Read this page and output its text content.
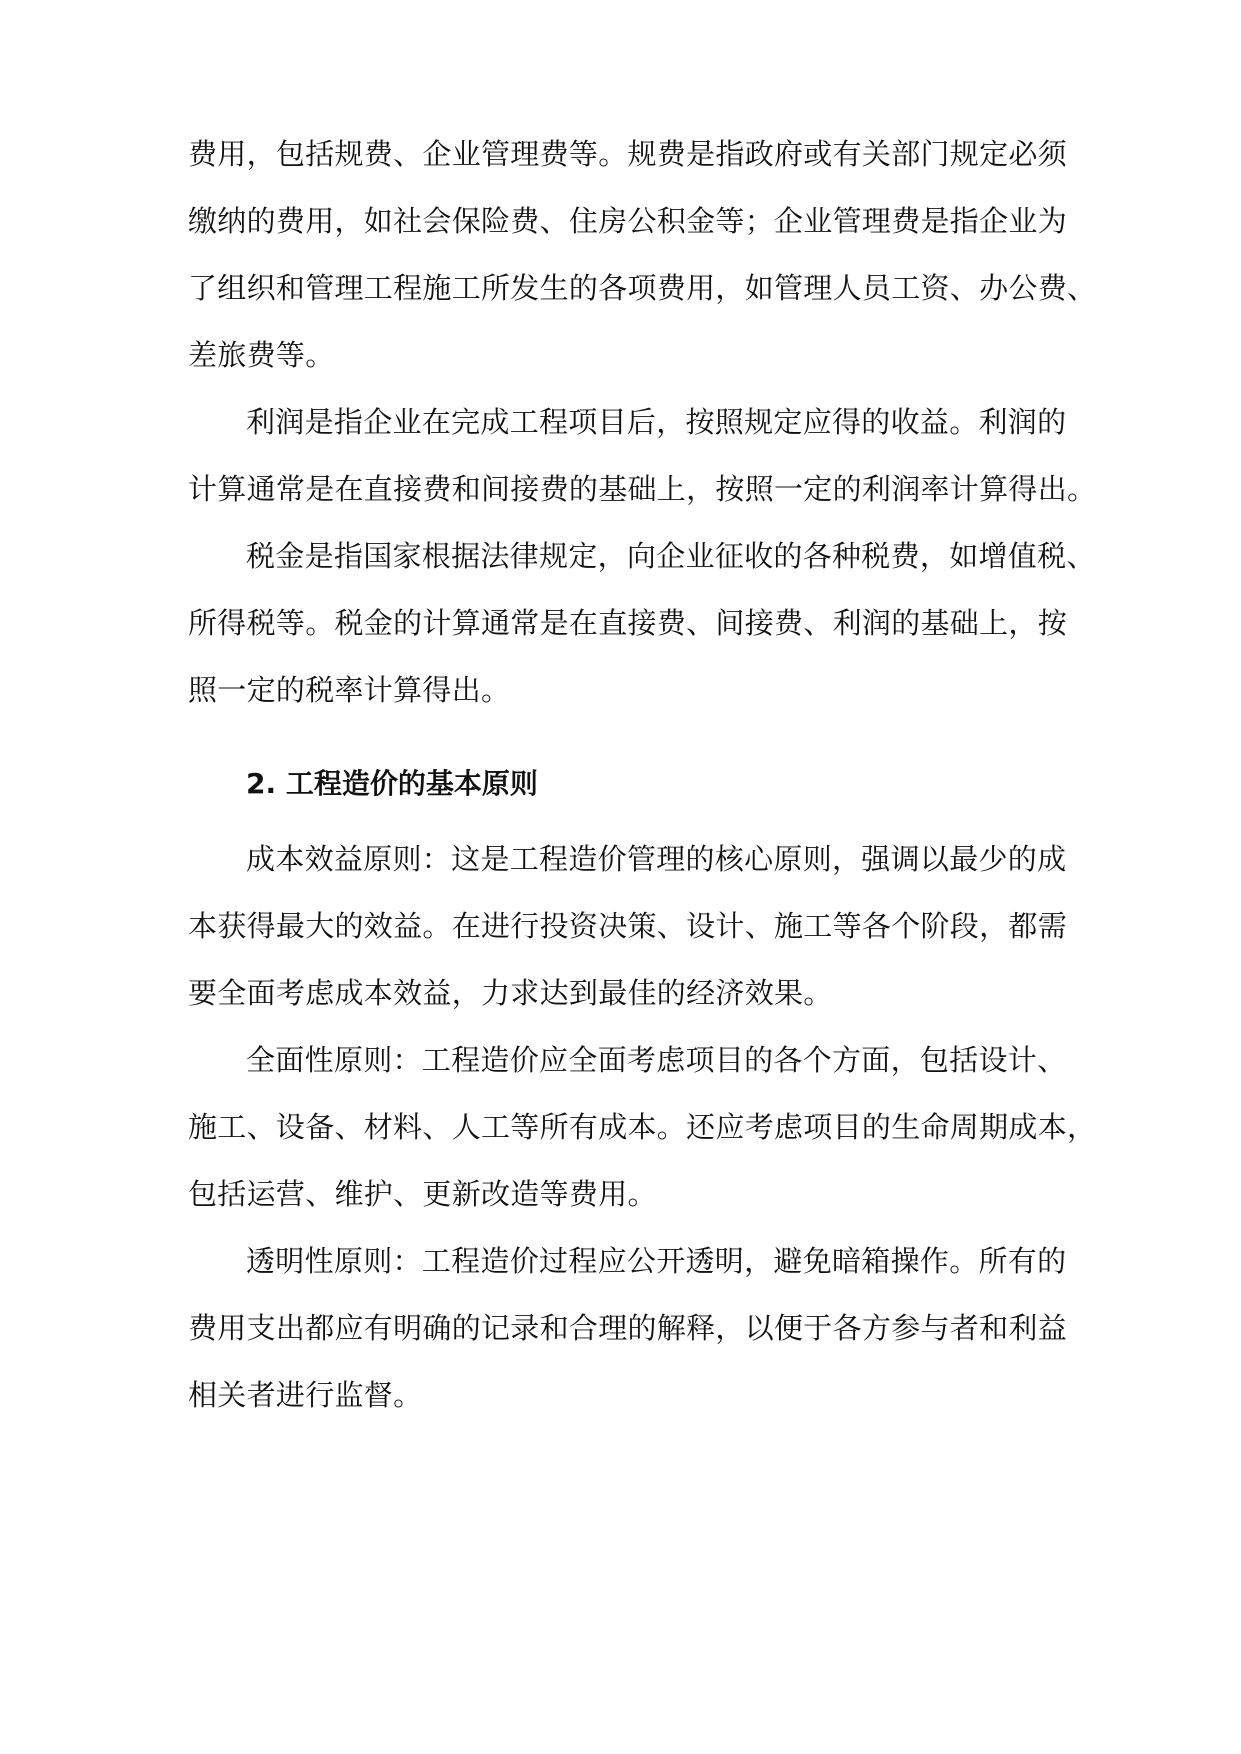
费用，包括规费、企业管理费等。规费是指政府或有关部门规定必须
缴纳的费用，如社会保险费、住房公积金等；企业管理费是指企业为
了组织和管理工程施工所发生的各项费用，如管理人员工资、办公费、
差旅费等。
利润是指企业在完成工程项目后，按照规定应得的收益。利润的
计算通常是在直接费和间接费的基础上，按照一定的利润率计算得出。
税金是指国家根据法律规定，向企业征收的各种税费，如增值税、
所得税等。税金的计算通常是在直接费、间接费、利润的基础上，按
照一定的税率计算得出。
2. 工程造价的基本原则
成本效益原则：这是工程造价管理的核心原则，强调以最少的成
本获得最大的效益。在进行投资决策、设计、施工等各个阶段，都需
要全面考虑成本效益，力求达到最佳的经济效果。
全面性原则：工程造价应全面考虑项目的各个方面，包括设计、
施工、设备、材料、人工等所有成本。还应考虑项目的生命周期成本，
包括运营、维护、更新改造等费用。
透明性原则：工程造价过程应公开透明，避免暗箱操作。所有的
费用支出都应有明确的记录和合理的解释，以便于各方参与者和利益
相关者进行监督。
